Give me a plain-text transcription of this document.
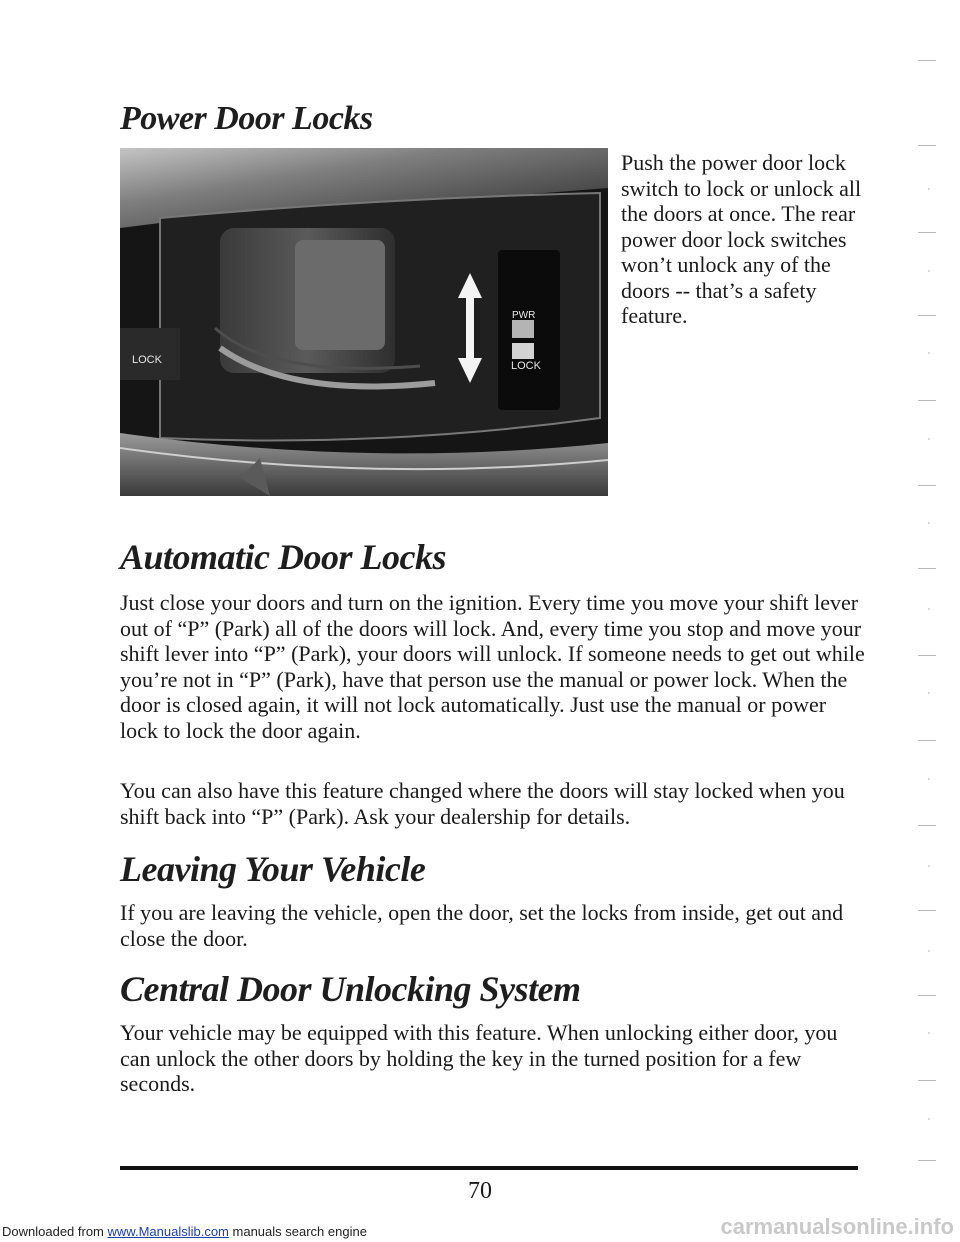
Power Door Locks
LOCK
PWR
LOCK

Push the power door lock switch to lock or unlock all the doors at once. The rear power door lock switches won’t unlock any of the doors -- that’s a safety feature.

Automatic Door Locks

Just close your doors and turn on the ignition. Every time you move your shift lever out of “P” (Park) all of the doors will lock. And, every time you stop and move your shift lever into “P” (Park), your doors will unlock. If someone needs to get out while you’re not in “P” (Park), have that person use the manual or power lock. When the door is closed again, it will not lock automatically. Just use the manual or power lock to lock the door again.

You can also have this feature changed where the doors will stay locked when you shift back into “P” (Park). Ask your dealership for details.

Leaving Your Vehicle

If you are leaving the vehicle, open the door, set the locks from inside, get out and close the door.

Central Door Unlocking System

Your vehicle may be equipped with this feature. When unlocking either door, you can unlock the other doors by holding the key in the turned position for a few seconds.

70
Downloaded from www.Manualslib.com manuals search engine	carmanualsonline.info
